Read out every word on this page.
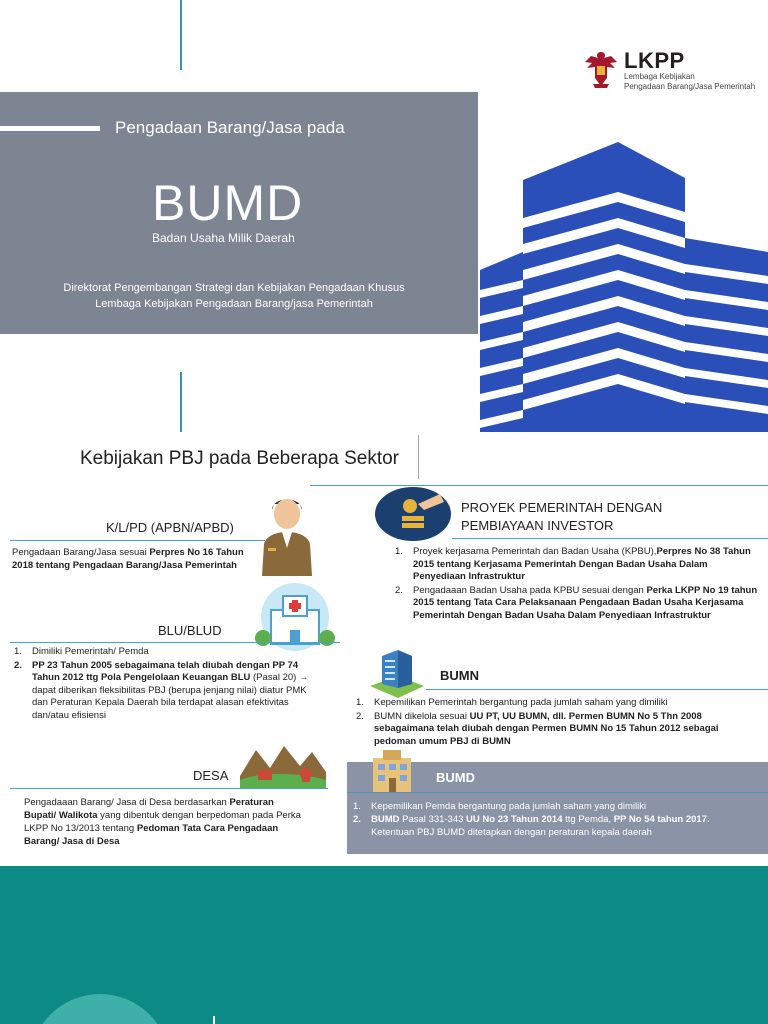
LKPP
Lembaga Kebijakan
Pengadaan Barang/Jasa Pemerintah
Pengadaan Barang/Jasa pada
BUMD
Badan Usaha Milik Daerah
Direktorat Pengembangan Strategi dan Kebijakan Pengadaan Khusus
Lembaga Kebijakan Pengadaan Barang/jasa Pemerintah
Kebijakan PBJ pada Beberapa Sektor
K/L/PD (APBN/APBD)

Pengadaan Barang/Jasa sesuai Perpres No 16 Tahun 2018 tentang Pengadaan Barang/Jasa Pemerintah

BLU/BLUD
1. Dimiliki Pemerintah/ Pemda
2. PP 23 Tahun 2005 sebagaimana telah diubah dengan PP 74 Tahun 2012 ttg Pola Pengelolaan Keuangan BLU (Pasal 20) → dapat diberikan fleksibilitas PBJ (berupa jenjang nilai) diatur PMK dan Peraturan Kepala Daerah bila terdapat alasan efektivitas dan/atau efisiensi
DESA

Pengadaaan Barang/ Jasa di Desa berdasarkan Peraturan Bupati/ Walikota yang dibentuk dengan berpedoman pada Perka LKPP No 13/2013 tentang Pedoman Tata Cara Pengadaan Barang/ Jasa di Desa

PROYEK PEMERINTAH DENGAN
PEMBIAYAAN INVESTOR
1. Proyek kerjasama Pemerintah dan Badan Usaha (KPBU),Perpres No 38 Tahun 2015 tentang Kerjasama Pemerintah Dengan Badan Usaha Dalam Penyediaan Infrastruktur
2. Pengadaaan Badan Usaha pada KPBU sesuai dengan Perka LKPP No 19 tahun 2015 tentang Tata Cara Pelaksanaan Pengadaan Badan Usaha Kerjasama Pemerintah Dengan Badan Usaha Dalam Penyediaan Infrastruktur
BUMN
1. Kepemilikan Pemerintah bergantung pada jumlah saham yang dimiliki
2. BUMN dikelola sesuai UU PT, UU BUMN, dll. Permen BUMN No 5 Thn 2008 sebagaimana telah diubah dengan Permen BUMN No 15 Tahun 2012 sebagai pedoman umum PBJ di BUMN
BUMD
1. Kepemilikan Pemda bergantung pada jumlah saham yang dimiliki
2. BUMD Pasal 331-343 UU No 23 Tahun 2014 ttg Pemda, PP No 54 tahun 2017.
Ketentuan PBJ BUMD ditetapkan dengan peraturan kepala daerah
